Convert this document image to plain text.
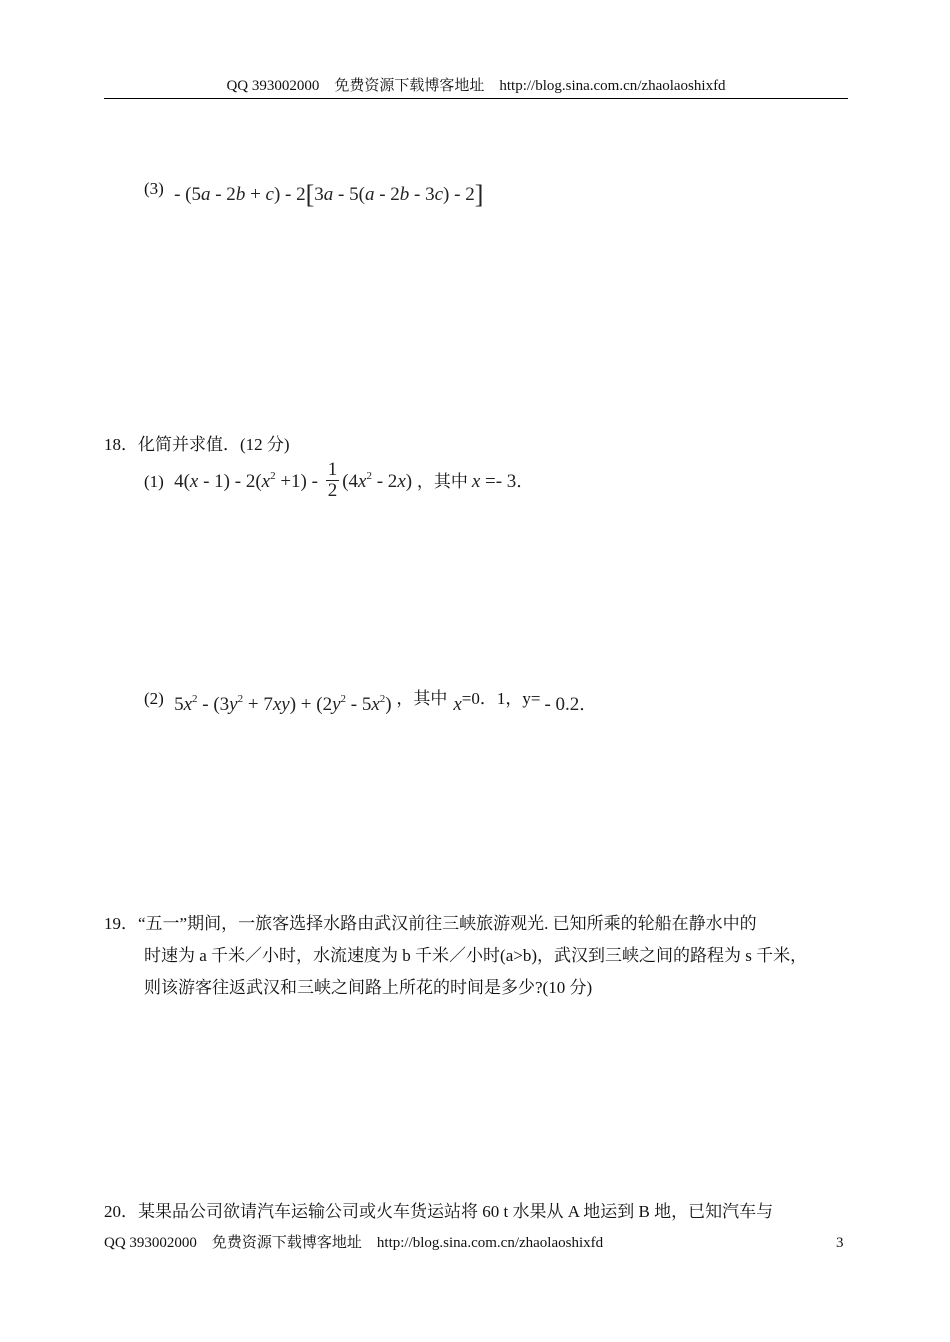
QQ 393002000　免费资源下载博客地址　http://blog.sina.com.cn/zhaolaoshixfd
(3) - (5a - 2b + c) - 2[3a - 5(a - 2b - 3c) - 2]
18．化简并求值．(12 分)
(1) $4(x - 1) - 2(x^2 +1) - \frac{1}{2} (4x^2 - 2x)$ ，其中 x =- 3．
(2) $5x^2 - (3y^2 + 7xy) + (2y^2 - 5x^2)$ ，其中 x=0．1，y= - 0.2．
19．“五一”期间，一旅客选择水路由武汉前往三峡旅游观光. 已知所乘的轮船在静水中的
时速为 a 千米／小时，水流速度为 b 千米／小时(a>b)，武汉到三峡之间的路程为 s 千米，
则该游客往返武汉和三峡之间路上所花的时间是多少?(10 分)
20．某果品公司欲请汽车运输公司或火车货运站将 60 t 水果从 A 地运到 B 地，已知汽车与
QQ 393002000　免费资源下载博客地址　http://blog.sina.com.cn/zhaolaoshixfd	3
